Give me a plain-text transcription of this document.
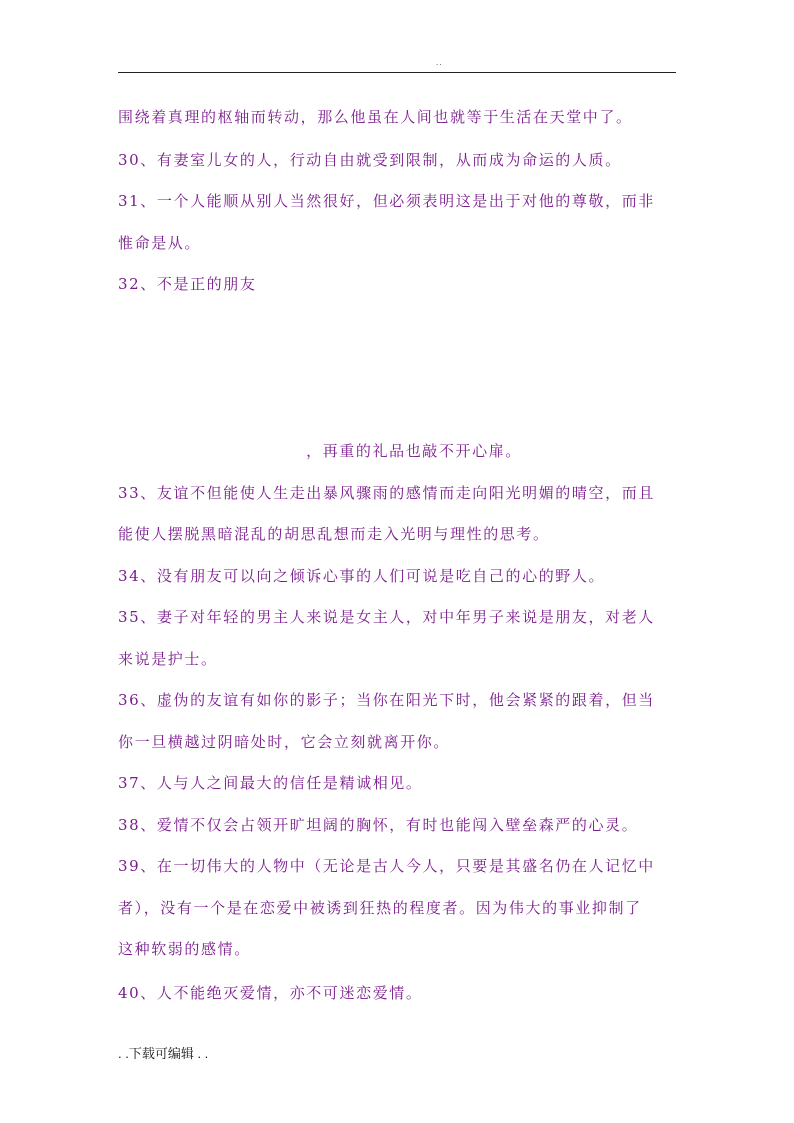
..
围绕着真理的枢轴而转动，那么他虽在人间也就等于生活在天堂中了。
30、有妻室儿女的人，行动自由就受到限制，从而成为命运的人质。
31、一个人能顺从别人当然很好，但必须表明这是出于对他的尊敬，而非
惟命是从。
32、不是正的朋友
，再重的礼品也敲不开心扉。
33、友谊不但能使人生走出暴风骤雨的感情而走向阳光明媚的晴空，而且
能使人摆脱黑暗混乱的胡思乱想而走入光明与理性的思考。
34、没有朋友可以向之倾诉心事的人们可说是吃自己的心的野人。
35、妻子对年轻的男主人来说是女主人，对中年男子来说是朋友，对老人
来说是护士。
36、虚伪的友谊有如你的影子；当你在阳光下时，他会紧紧的跟着，但当
你一旦横越过阴暗处时，它会立刻就离开你。
37、人与人之间最大的信任是精诚相见。
38、爱情不仅会占领开旷坦阔的胸怀，有时也能闯入壁垒森严的心灵。
39、在一切伟大的人物中（无论是古人今人，只要是其盛名仍在人记忆中
者），没有一个是在恋爱中被诱到狂热的程度者。因为伟大的事业抑制了
这种软弱的感情。
40、人不能绝灭爱情，亦不可迷恋爱情。
. .下载可编辑 . .
